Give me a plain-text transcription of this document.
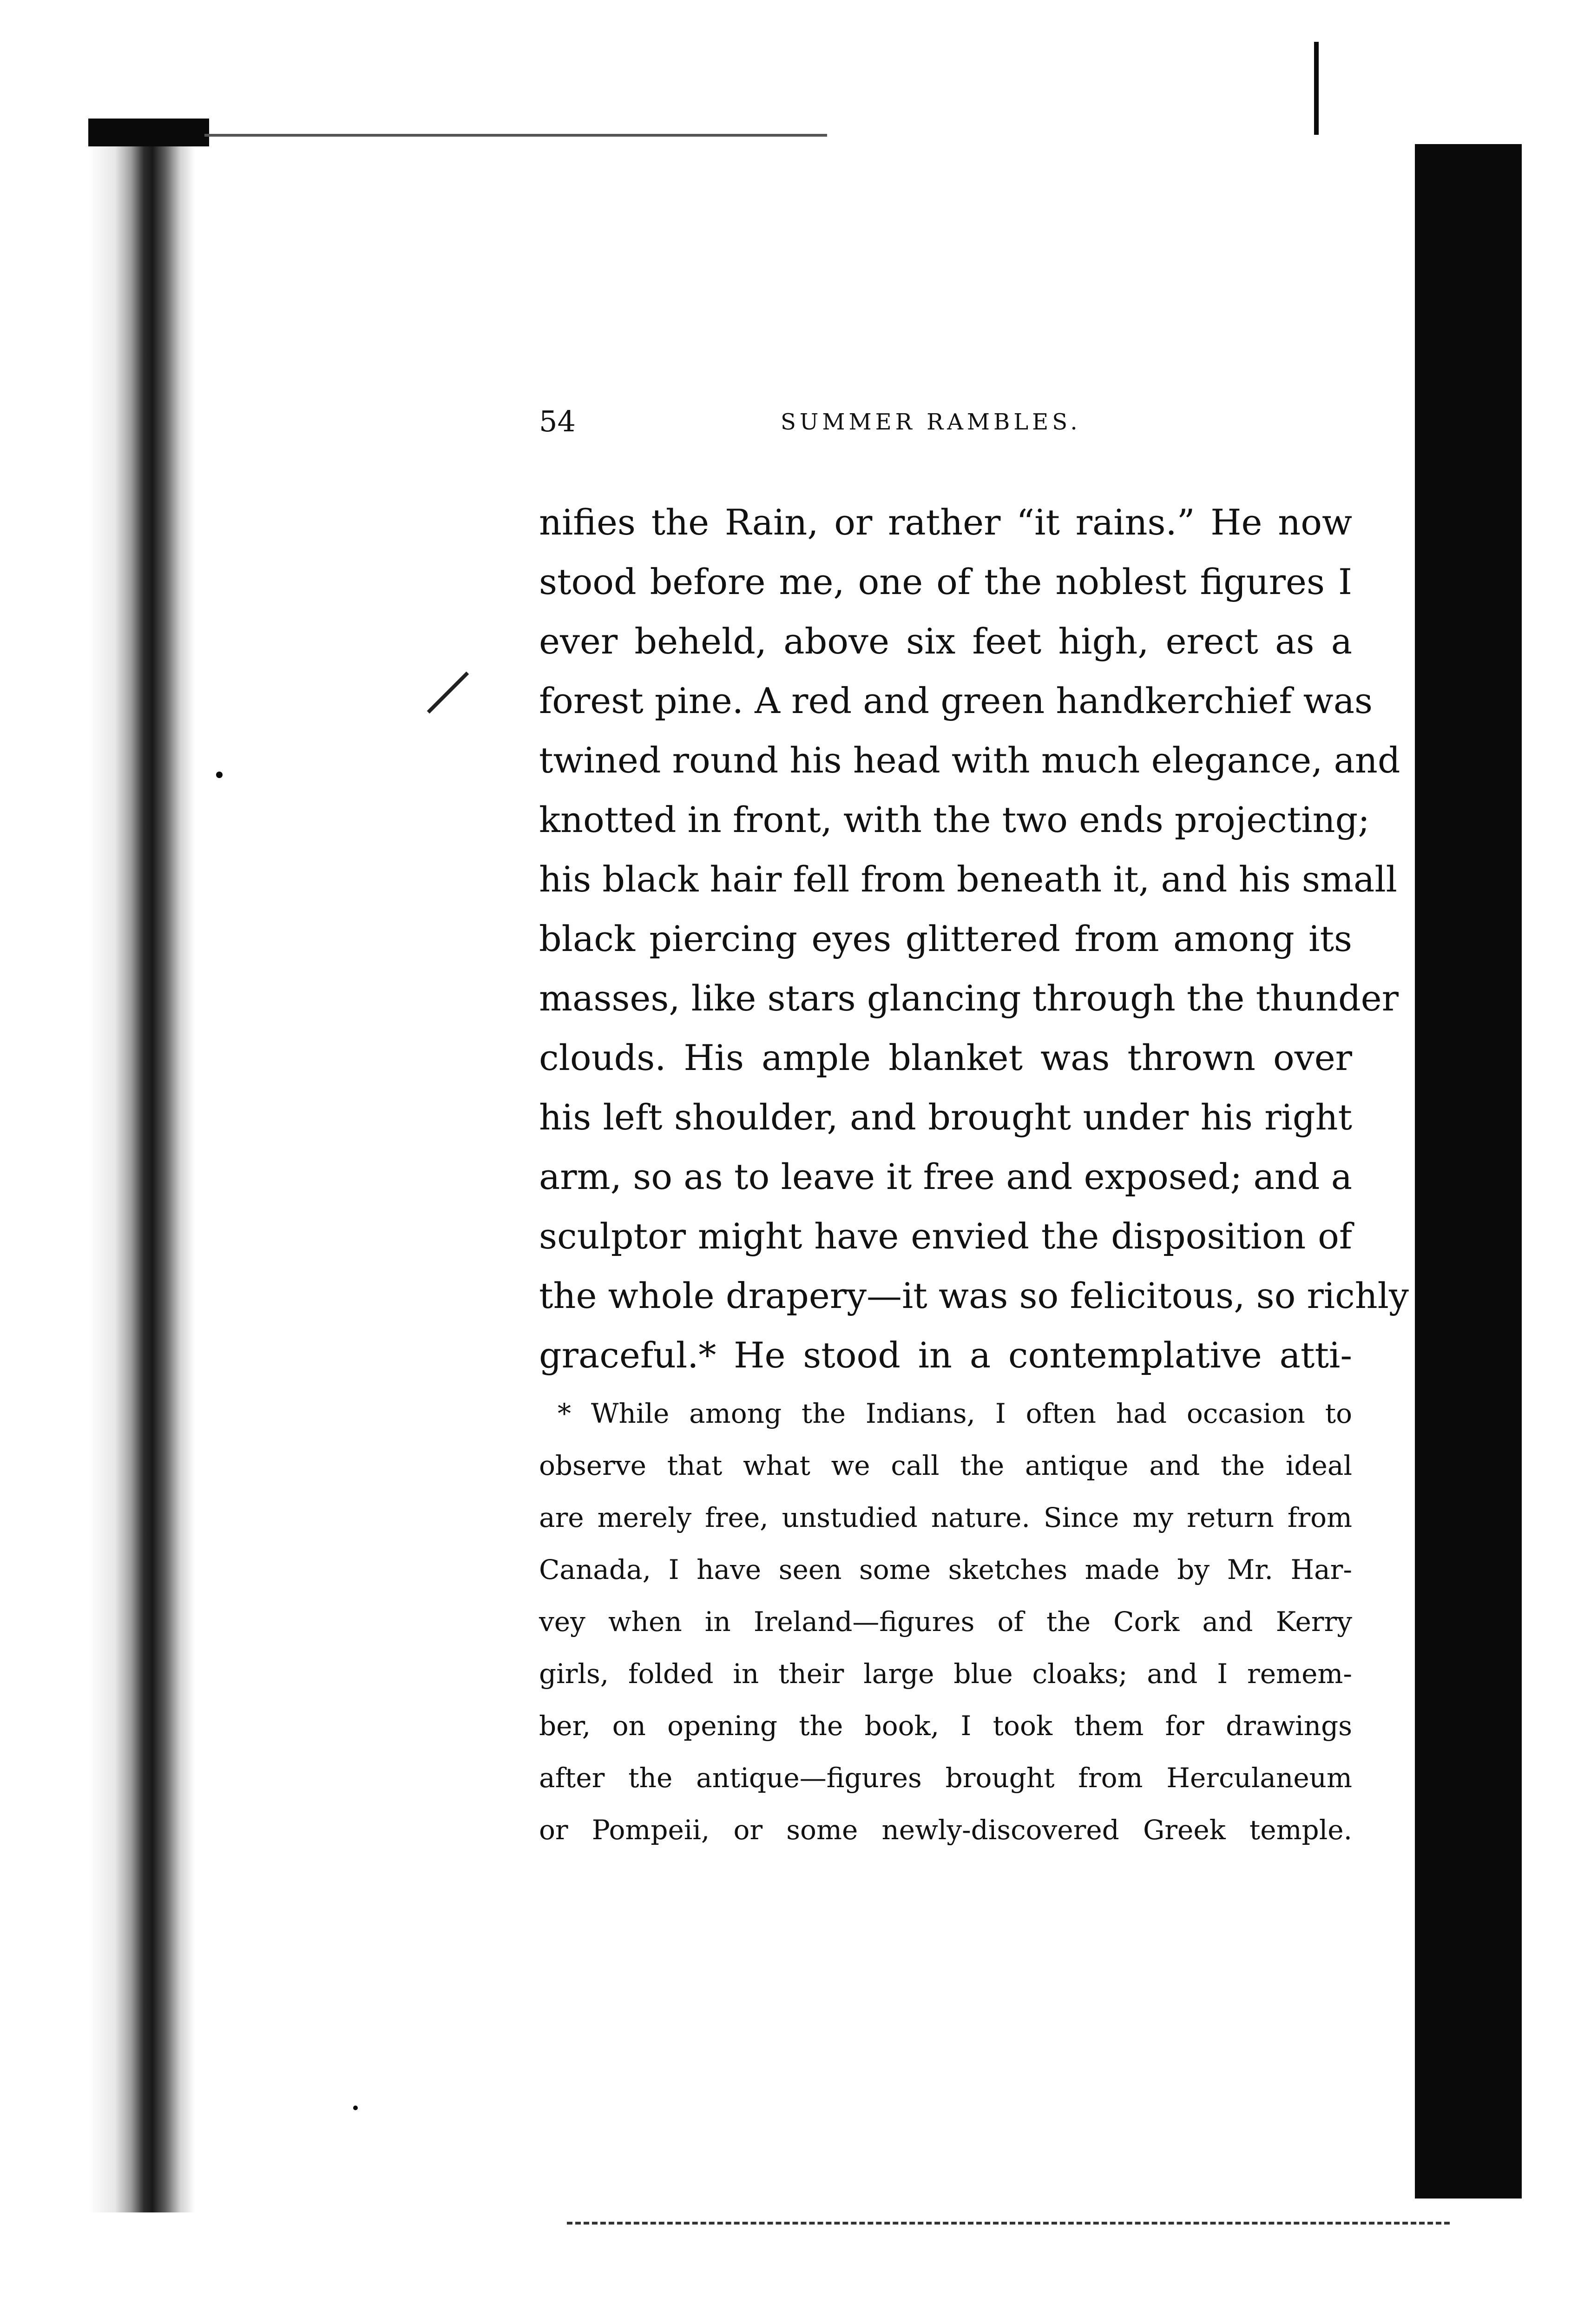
54	SUMMER RAMBLES.
nifies the Rain, or rather “it rains.” He now
stood before me, one of the noblest figures I
ever beheld, above six feet high, erect as a
forest pine. A red and green handkerchief was
twined round his head with much elegance, and
knotted in front, with the two ends projecting;
his black hair fell from beneath it, and his small
black piercing eyes glittered from among its
masses, like stars glancing through the thunder
clouds. His ample blanket was thrown over
his left shoulder, and brought under his right
arm, so as to leave it free and exposed; and a
sculptor might have envied the disposition of
the whole drapery—it was so felicitous, so richly
graceful.* He stood in a contemplative atti-
* While among the Indians, I often had occasion to
observe that what we call the antique and the ideal
are merely free, unstudied nature. Since my return from
Canada, I have seen some sketches made by Mr. Har-
vey when in Ireland—figures of the Cork and Kerry
girls, folded in their large blue cloaks; and I remem-
ber, on opening the book, I took them for drawings
after the antique—figures brought from Herculaneum
or Pompeii, or some newly-discovered Greek temple.
